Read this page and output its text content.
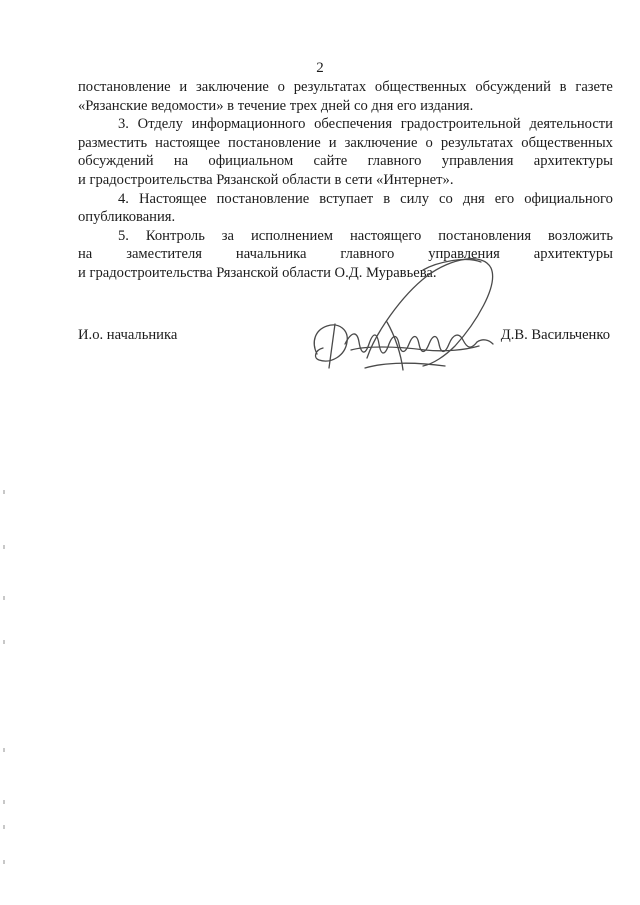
2
постановление и заключение о результатах общественных обсуждений в газете
«Рязанские ведомости» в течение трех дней со дня его издания.
3. Отделу информационного обеспечения градостроительной деятельности
разместить настоящее постановление и заключение о результатах общественных
обсуждений на официальном сайте главного управления архитектуры
и градостроительства Рязанской области в сети «Интернет».
4. Настоящее постановление вступает в силу со дня его официального
опубликования.
5. Контроль за исполнением настоящего постановления возложить
на заместителя начальника главного управления архитектуры
и градостроительства Рязанской области О.Д. Муравьева.
И.о. начальника	Д.В. Васильченко
